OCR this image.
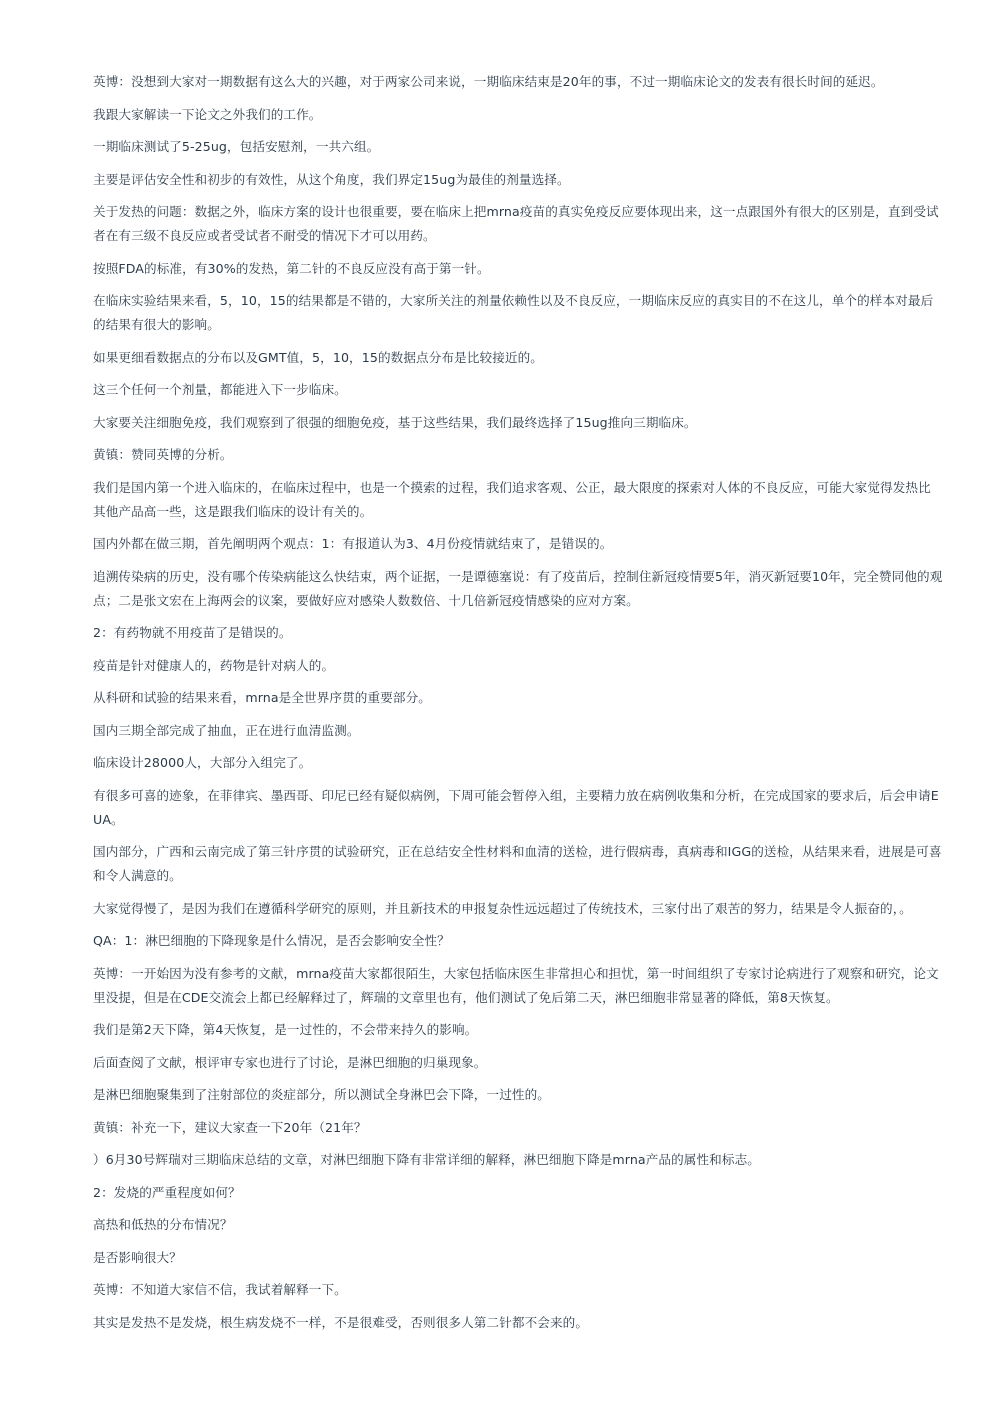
英博：没想到大家对一期数据有这么大的兴趣，对于两家公司来说，一期临床结束是20年的事，不过一期临床论文的发表有很长时间的延迟。

我跟大家解读一下论文之外我们的工作。

一期临床测试了5-25ug，包括安慰剂，一共六组。

主要是评估安全性和初步的有效性，从这个角度，我们界定15ug为最佳的剂量选择。

关于发热的问题：数据之外，临床方案的设计也很重要，要在临床上把mrna疫苗的真实免疫反应要体现出来，这一点跟国外有很大的区别是，直到受试者在有三级不良反应或者受试者不耐受的情况下才可以用药。

按照FDA的标准，有30%的发热，第二针的不良反应没有高于第一针。

在临床实验结果来看，5，10，15的结果都是不错的，大家所关注的剂量依赖性以及不良反应，一期临床反应的真实目的不在这儿，单个的样本对最后的结果有很大的影响。

如果更细看数据点的分布以及GMT值，5，10，15的数据点分布是比较接近的。

这三个任何一个剂量，都能进入下一步临床。

大家要关注细胞免疫，我们观察到了很强的细胞免疫，基于这些结果，我们最终选择了15ug推向三期临床。

黄镇：赞同英博的分析。

我们是国内第一个进入临床的，在临床过程中，也是一个摸索的过程，我们追求客观、公正，最大限度的探索对人体的不良反应，可能大家觉得发热比其他产品高一些，这是跟我们临床的设计有关的。

国内外都在做三期，首先阐明两个观点：1：有报道认为3、4月份疫情就结束了，是错误的。

追溯传染病的历史，没有哪个传染病能这么快结束，两个证据，一是谭德塞说：有了疫苗后，控制住新冠疫情要5年，消灭新冠要10年，完全赞同他的观点；二是张文宏在上海两会的议案，要做好应对感染人数数倍、十几倍新冠疫情感染的应对方案。

2：有药物就不用疫苗了是错误的。

疫苗是针对健康人的，药物是针对病人的。

从科研和试验的结果来看，mrna是全世界序贯的重要部分。

国内三期全部完成了抽血，正在进行血清监测。

临床设计28000人，大部分入组完了。

有很多可喜的迹象，在菲律宾、墨西哥、印尼已经有疑似病例，下周可能会暂停入组，主要精力放在病例收集和分析，在完成国家的要求后，后会申请EUA。

国内部分，广西和云南完成了第三针序贯的试验研究，正在总结安全性材料和血清的送检，进行假病毒，真病毒和IGG的送检，从结果来看，进展是可喜和令人满意的。

大家觉得慢了，是因为我们在遵循科学研究的原则，并且新技术的申报复杂性远远超过了传统技术，三家付出了艰苦的努力，结果是令人振奋的，。

QA：1：淋巴细胞的下降现象是什么情况，是否会影响安全性？

英博：一开始因为没有参考的文献，mrna疫苗大家都很陌生，大家包括临床医生非常担心和担忧，第一时间组织了专家讨论病进行了观察和研究，论文里没提，但是在CDE交流会上都已经解释过了，辉瑞的文章里也有，他们测试了免后第二天，淋巴细胞非常显著的降低，第8天恢复。

我们是第2天下降，第4天恢复，是一过性的，不会带来持久的影响。

后面查阅了文献，根评审专家也进行了讨论，是淋巴细胞的归巢现象。

是淋巴细胞聚集到了注射部位的炎症部分，所以测试全身淋巴会下降，一过性的。

黄镇：补充一下，建议大家查一下20年（21年？

）6月30号辉瑞对三期临床总结的文章，对淋巴细胞下降有非常详细的解释，淋巴细胞下降是mrna产品的属性和标志。

2：发烧的严重程度如何？

高热和低热的分布情况？

是否影响很大？

英博：不知道大家信不信，我试着解释一下。

其实是发热不是发烧，根生病发烧不一样，不是很难受，否则很多人第二针都不会来的。
